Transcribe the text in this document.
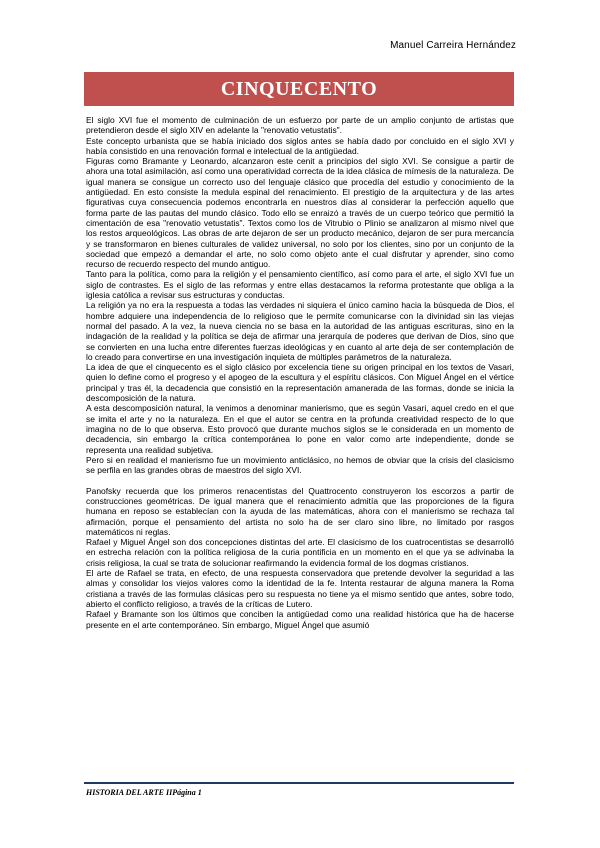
Manuel Carreira Hernández
CINQUECENTO

El siglo XVI fue el momento de culminación de un esfuerzo por parte de un amplio conjunto de artistas que pretendieron desde el siglo XIV en adelante la "renovatio vetustatis".

Este concepto urbanista que se había iniciado dos siglos antes se había dado por concluido en el siglo XVI y había consistido en una renovación formal e intelectual de la antigüedad.

Figuras como Bramante y Leonardo, alcanzaron este cenit a principios del siglo XVI. Se consigue a partir de ahora una total asimilación, así como una operatividad correcta de la idea clásica de mímesis de la naturaleza. De igual manera se consigue un correcto uso del lenguaje clásico que procedía del estudio y conocimiento de la antigüedad. En esto consiste la medula espinal del renacimiento. El prestigio de la arquitectura y de las artes figurativas cuya consecuencia podemos encontrarla en nuestros días al considerar la perfección aquello que forma parte de las pautas del mundo clásico. Todo ello se enraizó a través de un cuerpo teórico que permitió la cimentación de esa "renovatio vetustatis". Textos como los de Vitrubio o Plinio se analizaron al mismo nivel que los restos arqueológicos. Las obras de arte dejaron de ser un producto mecánico, dejaron de ser pura mercancía y se transformaron en bienes culturales de validez universal, no solo por los clientes, sino por un conjunto de la sociedad que empezó a demandar el arte, no solo como objeto ante el cual disfrutar y aprender, sino como recurso de recuerdo respecto del mundo antiguo.

Tanto para la política, como para la religión y el pensamiento científico, así como para el arte, el siglo XVI fue un siglo de contrastes. Es el siglo de las reformas y entre ellas destacamos la reforma protestante que obliga a la iglesia católica a revisar sus estructuras y conductas.

La religión ya no era la respuesta a todas las verdades ni siquiera el único camino hacia la búsqueda de Dios, el hombre adquiere una independencia de lo religioso que le permite comunicarse con la divinidad sin las viejas normal del pasado. A la vez, la nueva ciencia no se basa en la autoridad de las antiguas escrituras, sino en la indagación de la realidad y la política se deja de afirmar una jerarquía de poderes que derivan de Dios, sino que se convierten en una lucha entre diferentes fuerzas ideológicas y en cuanto al arte deja de ser contemplación de lo creado para convertirse en una investigación inquieta de múltiples parámetros de la naturaleza.

La idea de que el cinquecento es el siglo clásico por excelencia tiene su origen principal en los textos de Vasari, quien lo define como el progreso y el apogeo de la escultura y el espíritu clásicos. Con Miguel Ángel en el vértice principal y tras él, la decadencia que consistió en la representación amanerada de las formas, donde se inicia la descomposición de la natura.

A esta descomposición natural, la venimos a denominar manierismo, que es según Vasari, aquel credo en el que se imita el arte y no la naturaleza. En el que el autor se centra en la profunda creatividad respecto de lo que imagina no de lo que observa. Esto provocó que durante muchos siglos se le considerada en un momento de decadencia, sin embargo la crítica contemporánea lo pone en valor como arte independiente, donde se representa una realidad subjetiva.

Pero si en realidad el manierismo fue un movimiento anticlásico, no hemos de obviar que la crisis del clasicismo se perfila en las grandes obras de maestros del siglo XVI.

Panofsky recuerda que los primeros renacentistas del Quattrocento construyeron los escorzos a partir de construcciones geométricas. De igual manera que el renacimiento admitía que las proporciones de la figura humana en reposo se establecían con la ayuda de las matemáticas, ahora con el manierismo se rechaza tal afirmación, porque el pensamiento del artista no solo ha de ser claro sino libre, no limitado por rasgos matemáticos ni reglas.

Rafael y Miguel Ángel son dos concepciones distintas del arte. El clasicismo de los cuatrocentistas se desarrolló en estrecha relación con la política religiosa de la curia pontificia en un momento en el que ya se adivinaba la crisis religiosa, la cual se trata de solucionar reafirmando la evidencia formal de los dogmas cristianos.

El arte de Rafael se trata, en efecto, de una respuesta conservadora que pretende devolver la seguridad a las almas y consolidar los viejos valores como la identidad de la fe. Intenta restaurar de alguna manera la Roma cristiana a través de las formulas clásicas pero su respuesta no tiene ya el mismo sentido que antes, sobre todo, abierto el conflicto religioso, a través de la críticas de Lutero.

Rafael y Bramante son los últimos que conciben la antigüedad como una realidad histórica que ha de hacerse presente en el arte contemporáneo. Sin embargo, Miguel Ángel que asumió

HISTORIA DEL ARTE IIPágina 1
